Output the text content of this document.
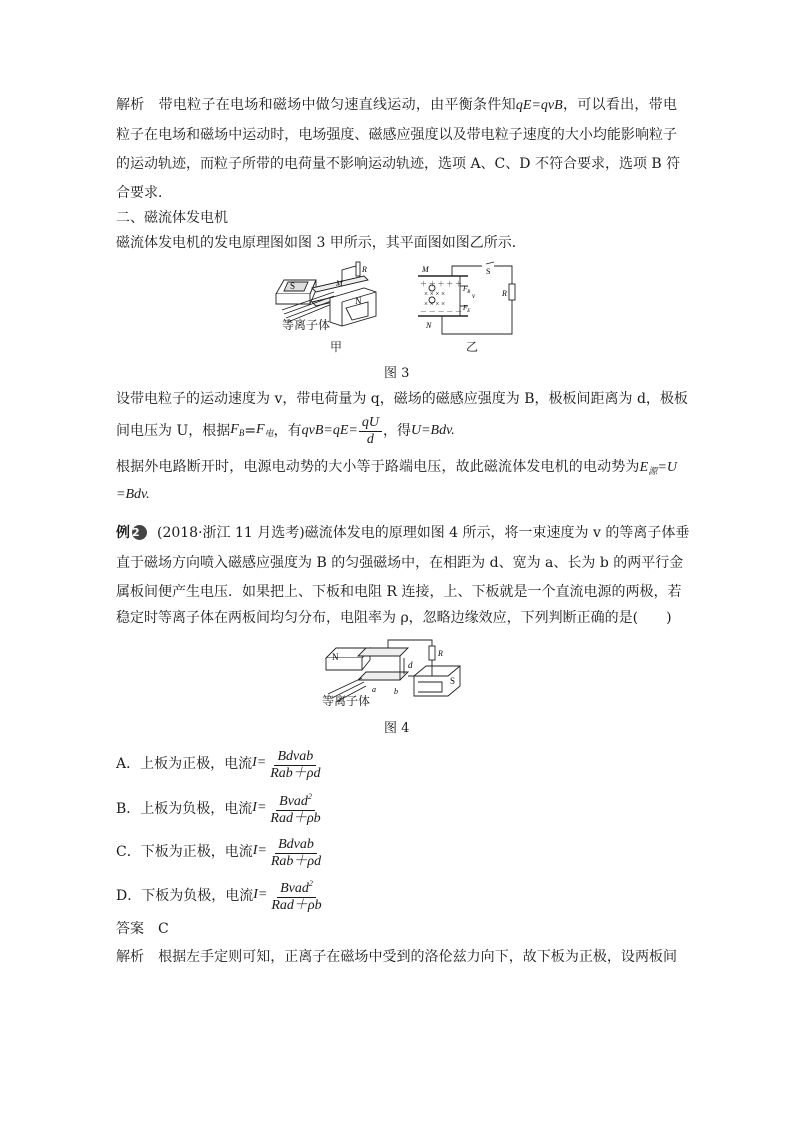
解析 带电粒子在电场和磁场中做匀速直线运动，由平衡条件知qE=qvB，可以看出，带电
粒子在电场和磁场中运动时，电场强度、磁感应强度以及带电粒子速度的大小均能影响粒子
的运动轨迹，而粒子所带的电荷量不影响运动轨迹，选项 A、C、D 不符合要求，选项 B 符
合要求．
二、磁流体发电机
磁流体发电机的发电原理图如图 3 甲所示，其平面图如图乙所示．
S	M
R
N
M
N
S
R
＋ ＋ ＋ ＋ ＋
× × × ×
× × × ×
－ － － － －
$F_B$ v
$F_E$
等离子体
甲	乙
图 3
设带电粒子的运动速度为 v，带电荷量为 q，磁场的磁感应强度为 B，极板间距离为 d，极板
间电压为 U，根据 $F_B = F_电$ ，有 $qvB=qE= \frac{qU}{d}$ ，得 U=Bdv.
根据外电路断开时，电源电动势的大小等于路端电压，故此磁流体发电机的电动势为$E_源=U$
=Bdv.
例 2 (2018·浙江 11 月选考)磁流体发电的原理如图 4 所示，将一束速度为 v 的等离子体垂
直于磁场方向喷入磁感应强度为 B 的匀强磁场中，在相距为 d、宽为 a、长为 b 的两平行金
属板间便产生电压．如果把上、下板和电阻 R 连接，上、下板就是一个直流电源的两极，若
稳定时等离子体在两板间均匀分布，电阻率为 ρ，忽略边缘效应，下列判断正确的是(　　)
N
S
d
a b
R
等离子体
图 4
A．上板为正极，电流 $I= \frac{\text{Bdvab}}{\text{Rab＋ρd}}$
B．上板为负极，电流 $I= \frac{Bvad^2}{\text{Rad＋ρb}}$
C．下板为正极，电流 $I= \frac{\text{Bdvab}}{\text{Rab＋ρd}}$
D．下板为负极，电流 $I= \frac{Bvad^2}{\text{Rad＋ρb}}$
答案 C
解析 根据左手定则可知，正离子在磁场中受到的洛伦兹力向下，故下板为正极，设两板间
